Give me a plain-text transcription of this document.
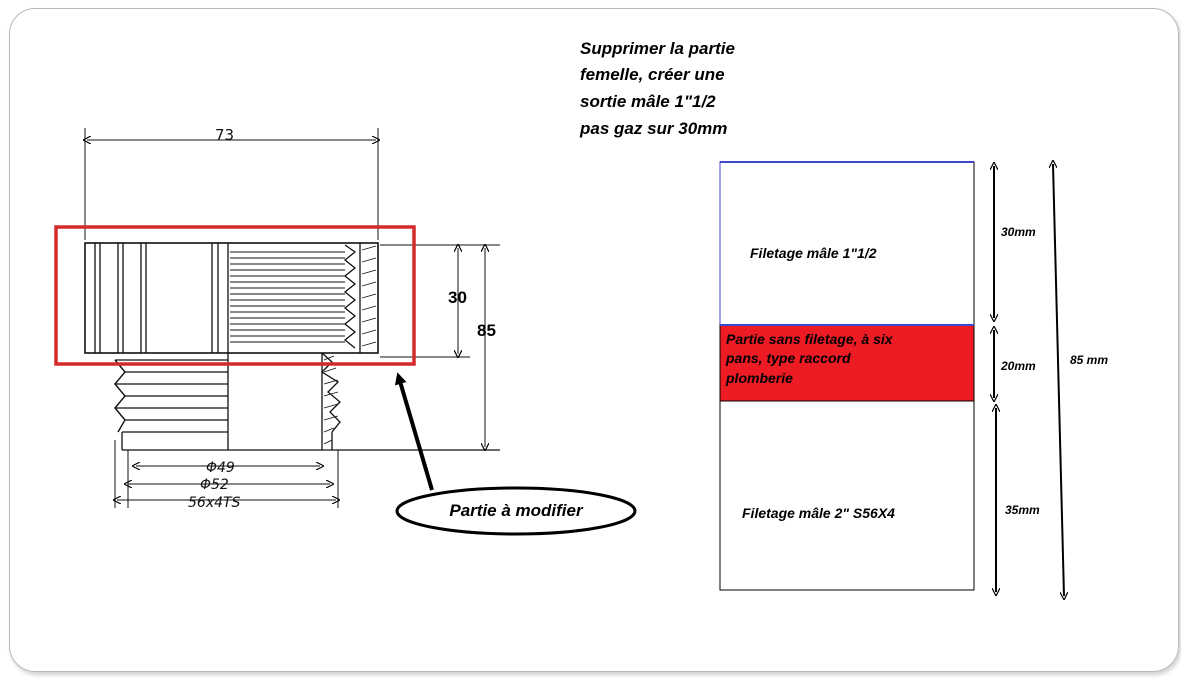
Supprimer la partie
femelle, créer une
sortie mâle 1"1/2
pas gaz sur 30mm
73
30
85
Φ49
Φ52
56x4TS	Partie à modifier
Filetage mâle 1"1/2
Partie sans filetage, à six
pans, type raccord
plomberie
Filetage mâle 2" S56X4
30mm
20mm
35mm
85 mm
